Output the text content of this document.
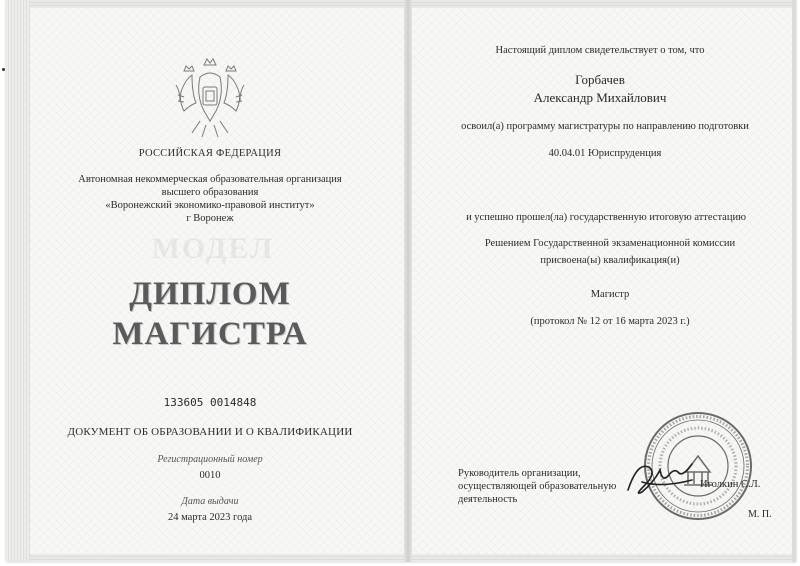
РОССИЙСКАЯ ФЕДЕРАЦИЯ
Автономная некоммерческая образовательная организация
высшего образования
«Воронежский экономико-правовой институт»
г Воронеж
МОДЕЛ
ДИПЛОМ
МАГИСТРА
133605 0014848
ДОКУМЕНТ ОБ ОБРАЗОВАНИИ И О КВАЛИФИКАЦИИ
Регистрационный номер
0010
Дата выдачи
24 марта 2023 года
Настоящий диплом свидетельствует о том, что
Горбачев
Александр Михайлович
освоил(а) программу магистратуры по направлению подготовки
40.04.01 Юриспруденция
и успешно прошел(ла) государственную итоговую аттестацию
Решением Государственной экзаменационной комиссии
присвоена(ы) квалификация(и)
Магистр
(протокол № 12 от 16 марта 2023 г.)
Руководитель организации, осуществляющей образовательную деятельность
Иголкин С.Л.
М. П.
